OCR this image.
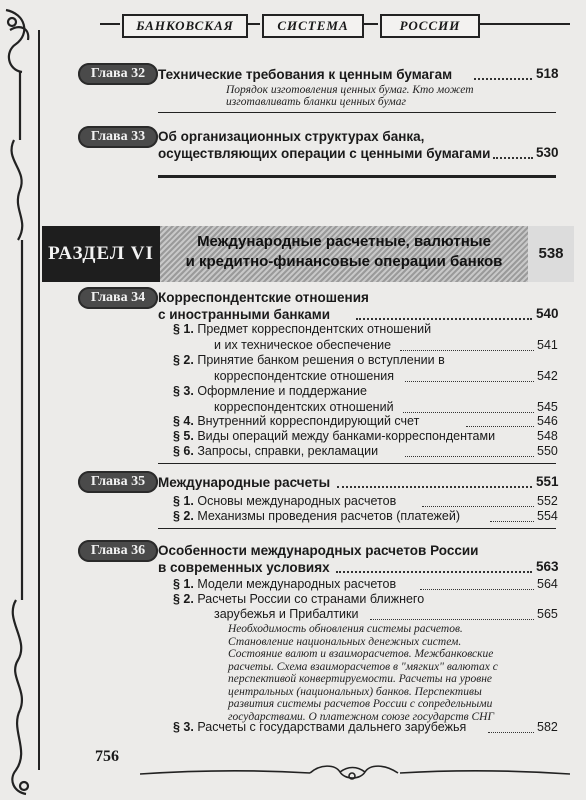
БАНКОВСКАЯ	СИСТЕМА	РОССИИ
Глава 32 Технические требования к ценным бумагам	518
Порядок изготовления ценных бумаг. Кто может
изготавливать бланки ценных бумаг
Глава 33 Об организационных структурах банка,
осуществляющих операции с ценными бумагами	530
РАЗДЕЛ VI
Международные расчетные, валютные
и кредитно-финансовые операции банков	538
Глава 34 Корреспондентские отношения
с иностранными банками	540
§ 1. Предмет корреспондентских отношений
и их техническое обеспечение	541
§ 2. Принятие банком решения о вступлении в
корреспондентские отношения	542
§ 3. Оформление и поддержание
корреспондентских отношений	545
§ 4. Внутренний корреспондирующий счет	546
§ 5. Виды операций между банками-корреспондентами	548
§ 6. Запросы, справки, рекламации	550
Глава 35 Международные расчеты	551
§ 1. Основы международных расчетов	552
§ 2. Механизмы проведения расчетов (платежей)	554
Глава 36 Особенности международных расчетов России
в современных условиях	563
§ 1. Модели международных расчетов	564
§ 2. Расчеты России со странами ближнего
зарубежья и Прибалтики	565
Необходимость обновления системы расчетов.
Становление национальных денежных систем.
Состояние валют и взаиморасчетов. Межбанковские
расчеты. Схема взаиморасчетов в "мягких" валютах с
перспективой конвертируемости. Расчеты на уровне
центральных (национальных) банков. Перспективы
развития системы расчетов России с сопредельными
государствами. О платежном союзе государств СНГ
§ 3. Расчеты с государствами дальнего зарубежья	582
756
